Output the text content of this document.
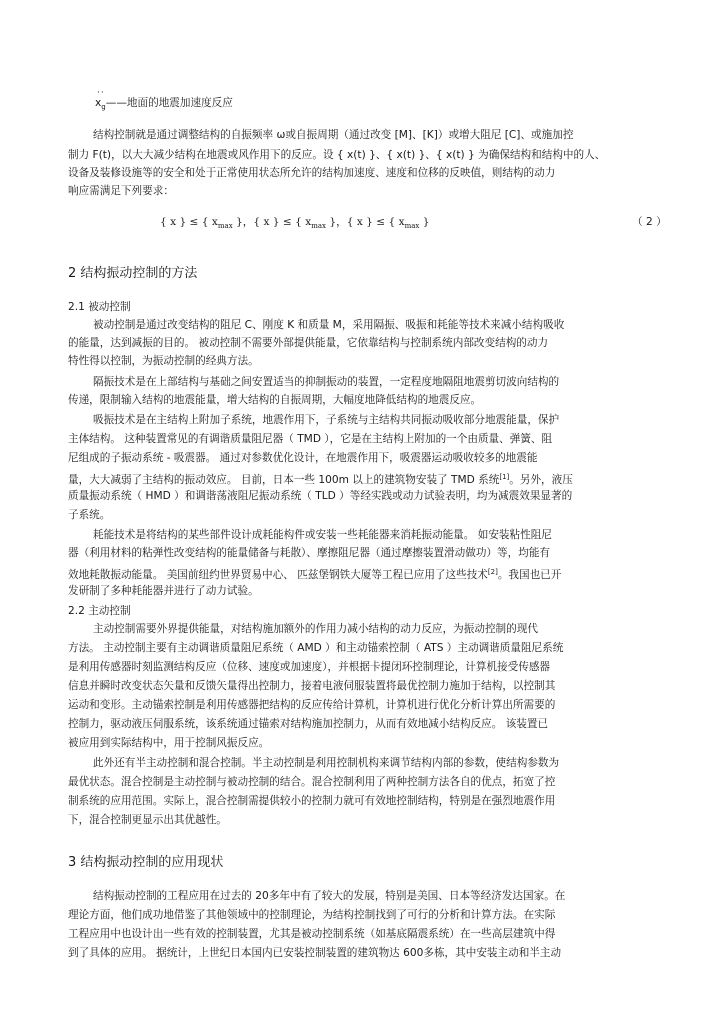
··
$x_g——$地面的地震加速度反应
结构控制就是通过调整结构的自振频率 ω或自振周期（通过改变 [M]、[K]）或增大阻尼 [C]、或施加控
制力 F(t)，以大大减少结构在地震或风作用下的反应。设 { x(t) }、{ x(t) }、{ x(t) } 为确保结构和结构中的人、
设备及装修设施等的安全和处于正常使用状态所允许的结构加速度、速度和位移的反映值，则结构的动力
响应需满足下列要求：
{ x } ≤ { $x_{max}$ }，{ x } ≤ { $x_{max}$ }，{ x } ≤ { $x_{max}$ }	（ 2 ）
2 结构振动控制的方法
2.1 被动控制
被动控制是通过改变结构的阻尼 C、刚度 K 和质量 M，采用隔振、吸振和耗能等技术来减小结构吸收
的能量，达到减振的目的。 被动控制不需要外部提供能量，它依靠结构与控制系统内部改变结构的动力
特性得以控制，为振动控制的经典方法。
隔振技术是在上部结构与基础之间安置适当的抑制振动的装置，一定程度地隔阻地震剪切波向结构的
传递，限制输入结构的地震能量，增大结构的自振周期，大幅度地降低结构的地震反应。
吸振技术是在主结构上附加子系统，地震作用下，子系统与主结构共同振动吸收部分地震能量，保护
主体结构。 这种装置常见的有调谐质量阻尼器（ TMD ），它是在主结构上附加的一个由质量、弹簧、阻
尼组成的子振动系统 - 吸震器。 通过对参数优化设计，在地震作用下，吸震器运动吸收较多的地震能
量，大大减弱了主结构的振动效应。 目前，日本一些 100m 以上的建筑物安装了 TMD 系统[1]。另外，液压
质量振动系统（ HMD ）和调谐荡液阻尼振动系统（ TLD ）等经实践或动力试验表明，均为减震效果显著的
子系统。
耗能技术是将结构的某些部件设计成耗能构件或安装一些耗能器来消耗振动能量。 如安装粘性阻尼
器（利用材料的粘弹性改变结构的能量储备与耗散）、摩擦阻尼器（通过摩擦装置滑动做功）等，均能有
效地耗散振动能量。 美国前纽约世界贸易中心、 匹兹堡钢铁大厦等工程已应用了这些技术[2]。我国也已开
发研制了多种耗能器并进行了动力试验。
2.2 主动控制
主动控制需要外界提供能量，对结构施加额外的作用力减小结构的动力反应，为振动控制的现代
方法。 主动控制主要有主动调谐质量阻尼系统（ AMD ）和主动锚索控制（ ATS ）主动调谐质量阻尼系统
是利用传感器时刻监测结构反应（位移、速度或加速度），并根据卡提闭环控制理论，计算机接受传感器
信息并瞬时改变状态矢量和反馈矢量得出控制力，接着电液伺服装置将最优控制力施加于结构，以控制其
运动和变形。主动锚索控制是利用传感器把结构的反应传给计算机，计算机进行优化分析计算出所需要的
控制力，驱动液压伺服系统，该系统通过锚索对结构施加控制力，从而有效地减小结构反应。 该装置已
被应用到实际结构中，用于控制风振反应。
此外还有半主动控制和混合控制。半主动控制是利用控制机构来调节结构内部的参数，使结构参数为
最优状态。混合控制是主动控制与被动控制的结合。混合控制利用了两种控制方法各自的优点，拓宽了控
制系统的应用范围。实际上，混合控制需提供较小的控制力就可有效地控制结构，特别是在强烈地震作用
下，混合控制更显示出其优越性。
3 结构振动控制的应用现状
结构振动控制的工程应用在过去的 20多年中有了较大的发展，特别是美国、日本等经济发达国家。在
理论方面，他们成功地借鉴了其他领域中的控制理论，为结构控制找到了可行的分析和计算方法。在实际
工程应用中也设计出一些有效的控制装置，尤其是被动控制系统（如基底隔震系统）在一些高层建筑中得
到了具体的应用。 据统计，上世纪日本国内已安装控制装置的建筑物达 600多栋，其中安装主动和半主动
